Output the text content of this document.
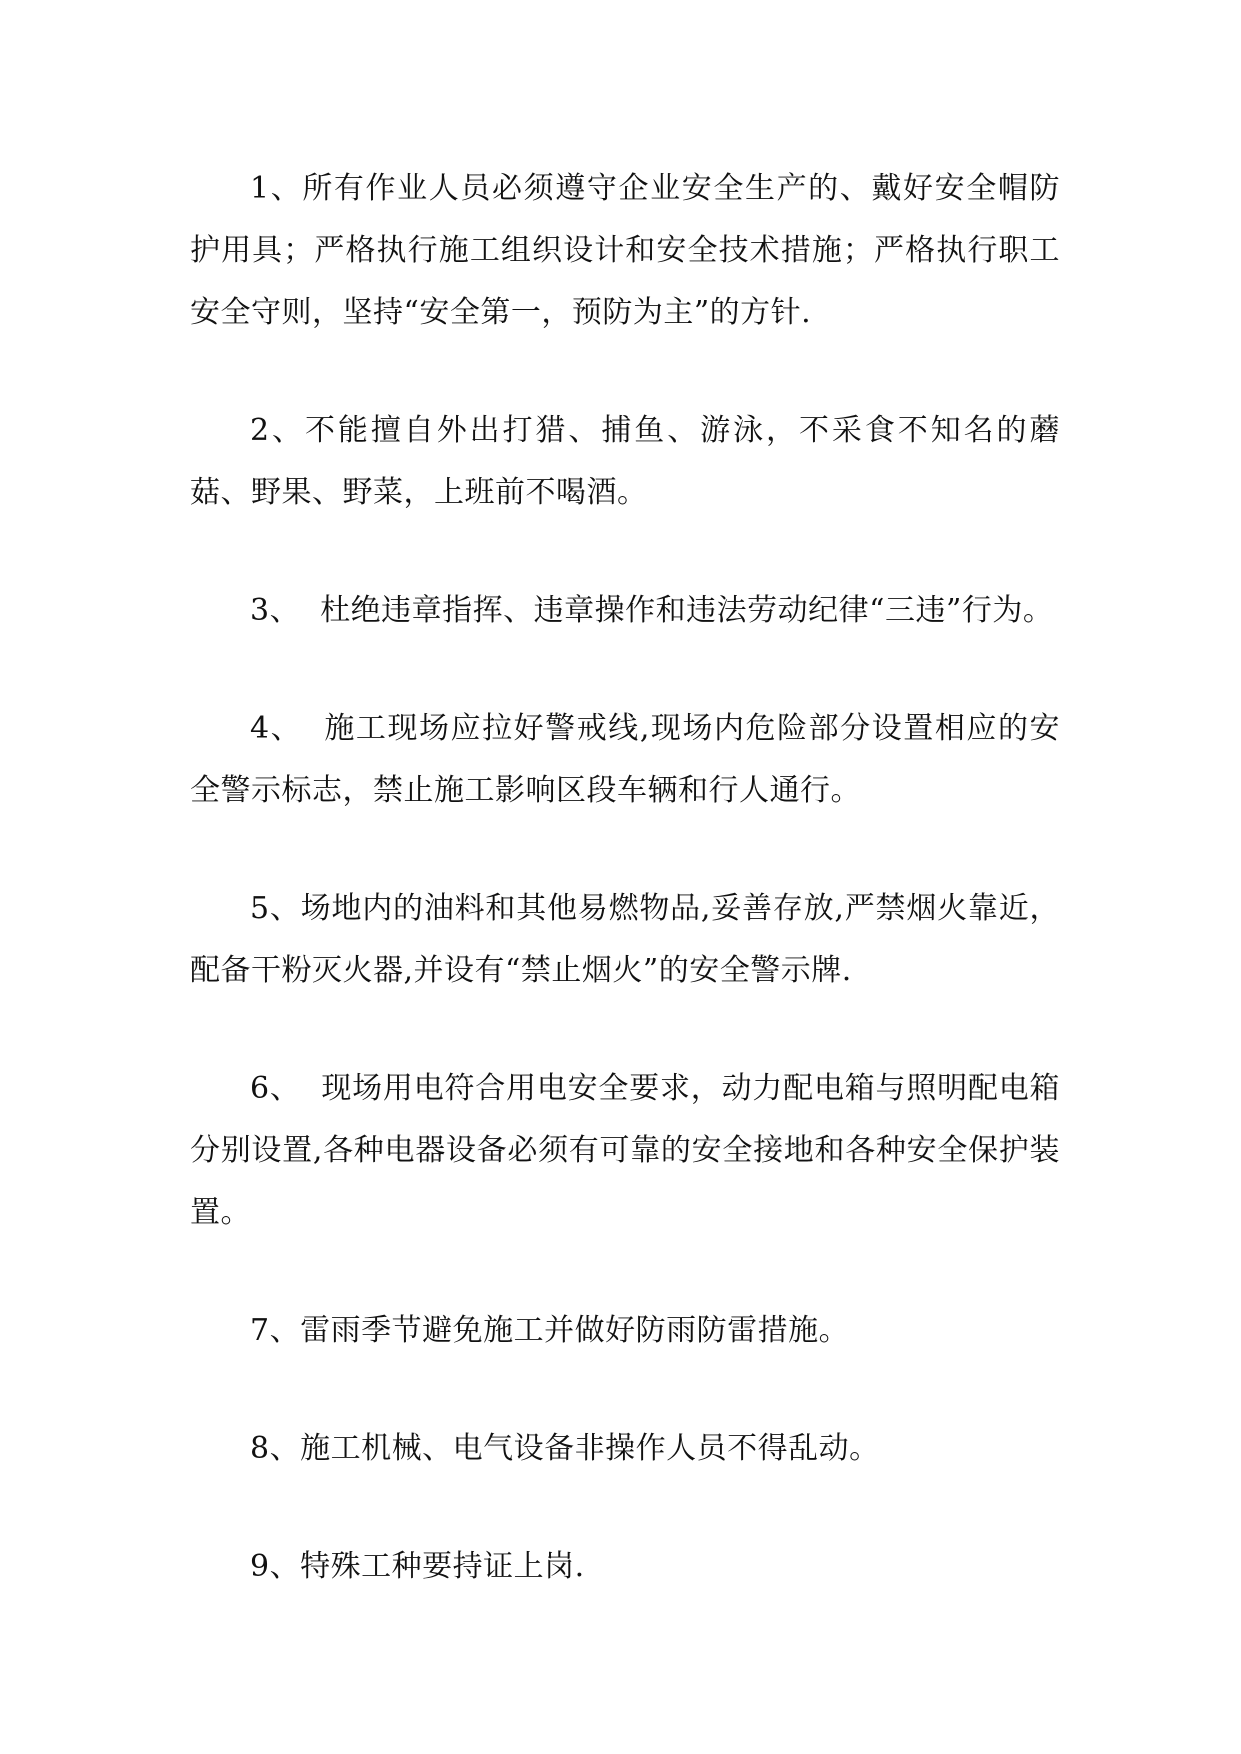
1、所有作业人员必须遵守企业安全生产的、戴好安全帽防护用具；严格执行施工组织设计和安全技术措施；严格执行职工安全守则，坚持“安全第一，预防为主”的方针.

2、不能擅自外出打猎、捕鱼、游泳，不采食不知名的蘑菇、野果、野菜，上班前不喝酒。

3、  杜绝违章指挥、违章操作和违法劳动纪律“三违”行为。

4、  施工现场应拉好警戒线,现场内危险部分设置相应的安全警示标志，禁止施工影响区段车辆和行人通行。

5、场地内的油料和其他易燃物品,妥善存放,严禁烟火靠近，配备干粉灭火器,并设有“禁止烟火”的安全警示牌.

6、  现场用电符合用电安全要求，动力配电箱与照明配电箱分别设置,各种电器设备必须有可靠的安全接地和各种安全保护装置。

7、雷雨季节避免施工并做好防雨防雷措施。

8、施工机械、电气设备非操作人员不得乱动。

9、特殊工种要持证上岗.
